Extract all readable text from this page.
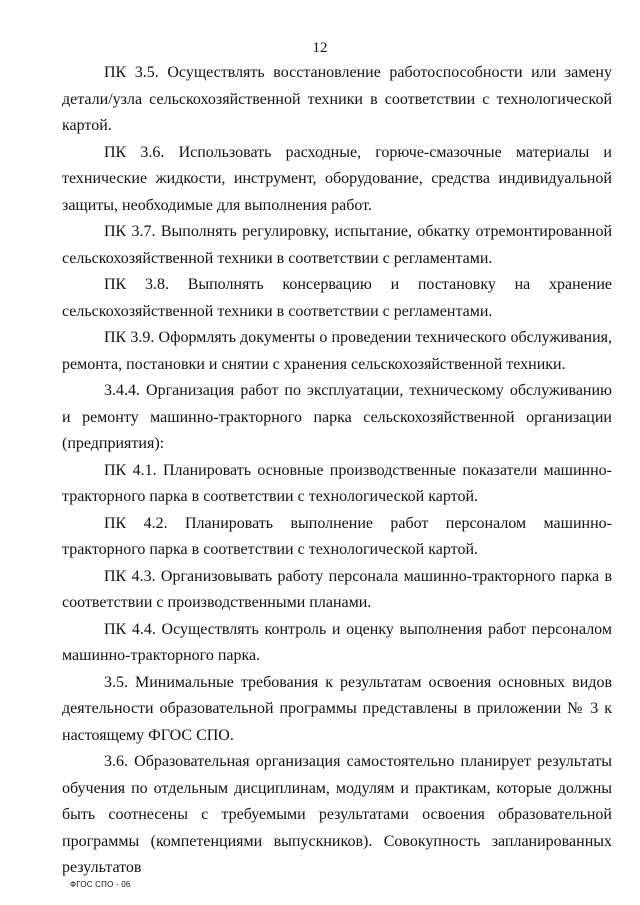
12

ПК 3.5. Осуществлять восстановление работоспособности или замену детали/узла сельскохозяйственной техники в соответствии с технологической картой.

ПК 3.6. Использовать расходные, горюче-смазочные материалы и технические жидкости, инструмент, оборудование, средства индивидуальной защиты, необходимые для выполнения работ.

ПК 3.7. Выполнять регулировку, испытание, обкатку отремонтированной сельскохозяйственной техники в соответствии с регламентами.

ПК 3.8. Выполнять консервацию и постановку на хранение сельскохозяйственной техники в соответствии с регламентами.

ПК 3.9. Оформлять документы о проведении технического обслуживания, ремонта, постановки и снятии с хранения сельскохозяйственной техники.

3.4.4. Организация работ по эксплуатации, техническому обслуживанию и ремонту машинно-тракторного парка сельскохозяйственной организации (предприятия):

ПК 4.1. Планировать основные производственные показатели машинно-тракторного парка в соответствии с технологической картой.

ПК 4.2. Планировать выполнение работ персоналом машинно-тракторного парка в соответствии с технологической картой.

ПК 4.3. Организовывать работу персонала машинно-тракторного парка в соответствии с производственными планами.

ПК 4.4. Осуществлять контроль и оценку выполнения работ персоналом машинно-тракторного парка.

3.5. Минимальные требования к результатам освоения основных видов деятельности образовательной программы представлены в приложении № 3 к настоящему ФГОС СПО.

3.6. Образовательная организация самостоятельно планирует результаты обучения по отдельным дисциплинам, модулям и практикам, которые должны быть соотнесены с требуемыми результатами освоения образовательной программы (компетенциями выпускников). Совокупность запланированных результатов

ФГОС СПО - 06
